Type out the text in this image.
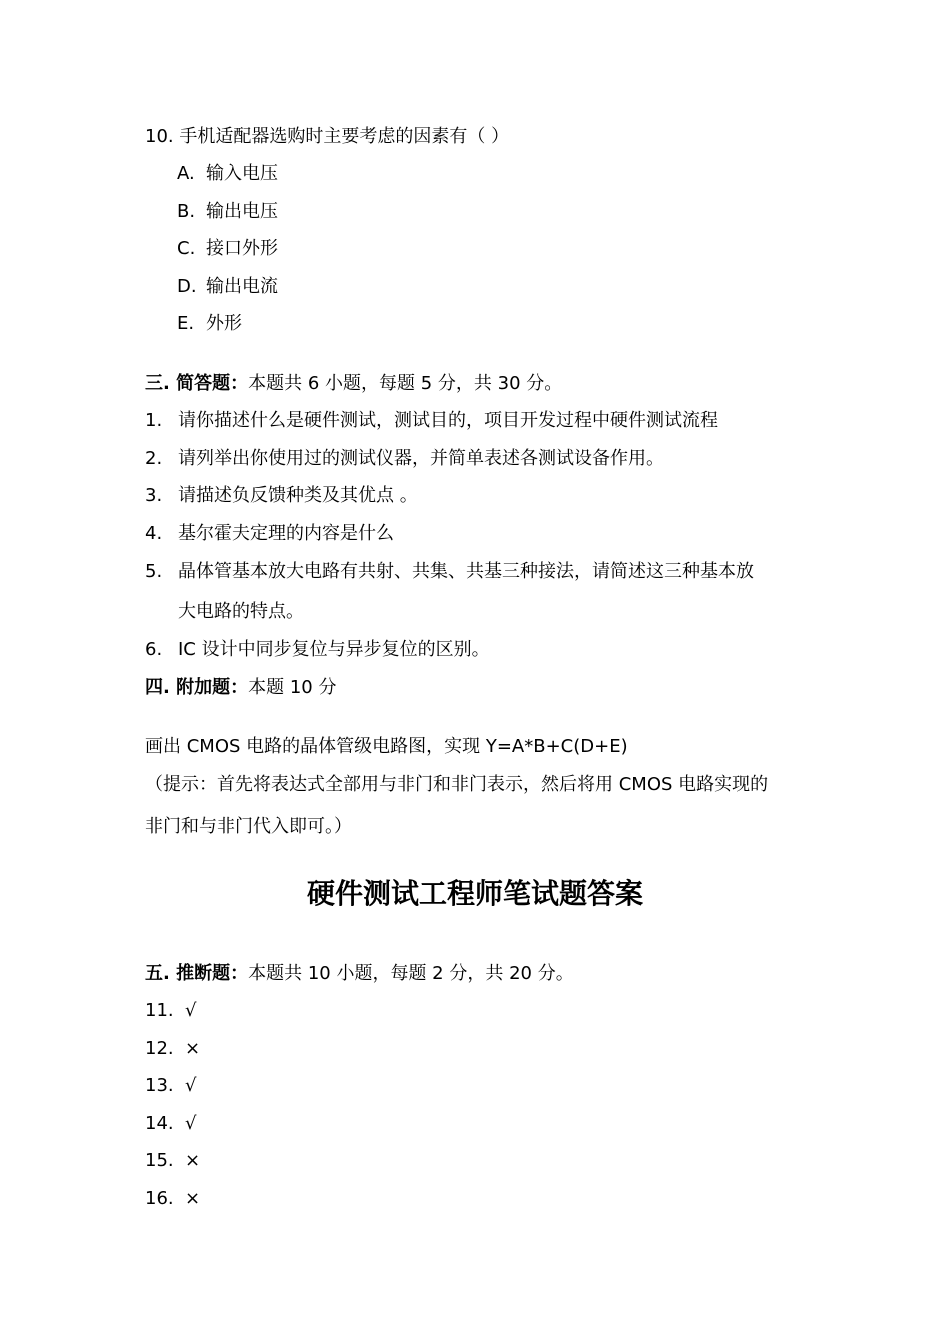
10. 手机适配器选购时主要考虑的因素有（ ）
A. 输入电压
B. 输出电压
C. 接口外形
D. 输出电流
E. 外形
三. 简答题：本题共 6 小题，每题 5 分，共 30 分。
1. 请你描述什么是硬件测试，测试目的，项目开发过程中硬件测试流程
2. 请列举出你使用过的测试仪器，并简单表述各测试设备作用。
3. 请描述负反馈种类及其优点 。
4. 基尔霍夫定理的内容是什么
5. 晶体管基本放大电路有共射、共集、共基三种接法，请简述这三种基本放
大电路的特点。
6. IC 设计中同步复位与异步复位的区别。
四. 附加题：本题 10 分
画出 CMOS 电路的晶体管级电路图，实现 Y=A*B+C(D+E)
（提示：首先将表达式全部用与非门和非门表示，然后将用 CMOS 电路实现的
非门和与非门代入即可。）
硬件测试工程师笔试题答案
五. 推断题：本题共 10 小题，每题 2 分，共 20 分。
11. √
12. ×
13. √
14. √
15. ×
16. ×
